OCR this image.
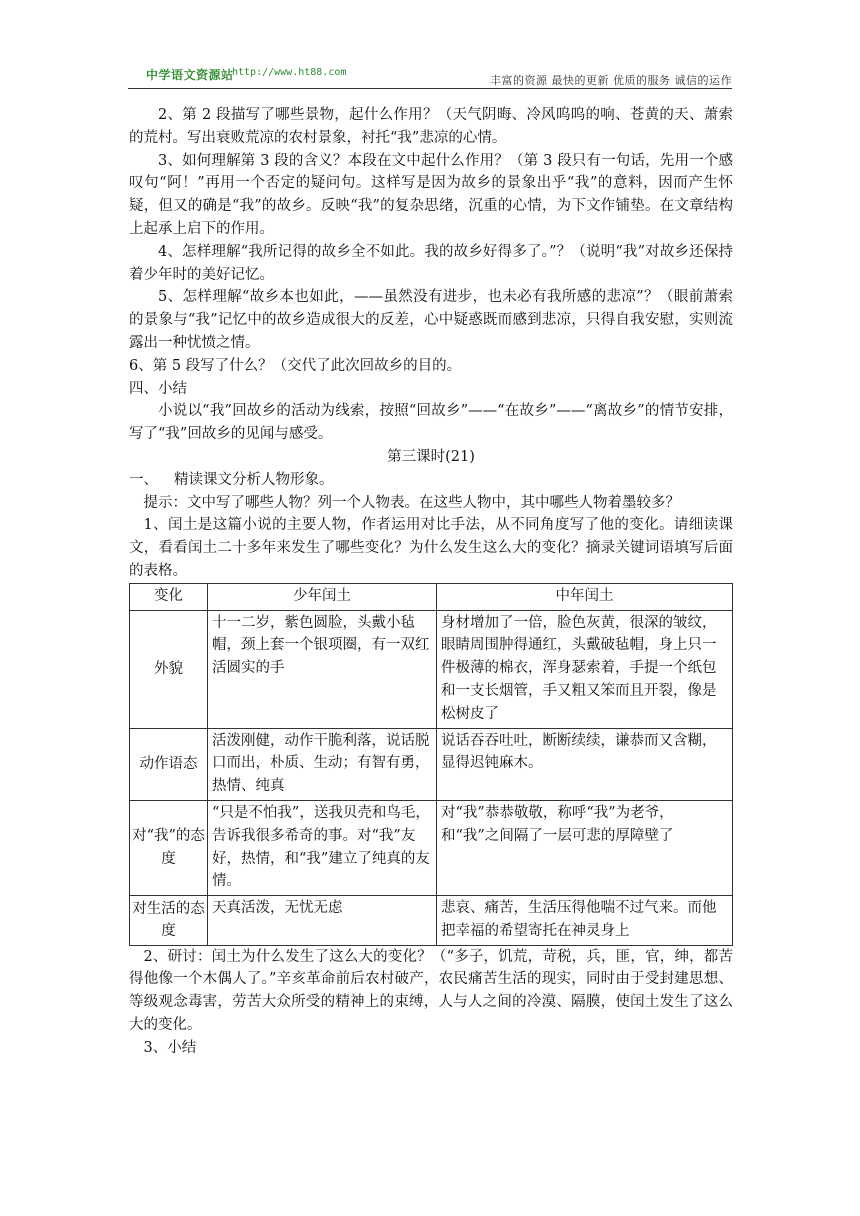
中学语文资源站
http://www.ht88.com
丰富的资源 最快的更新 优质的服务 诚信的运作

2、第 2 段描写了哪些景物，起什么作用？（天气阴晦、冷风呜呜的响、苍黄的天、萧索的荒村。写出衰败荒凉的农村景象，衬托“我”悲凉的心情。

3、如何理解第 3 段的含义？本段在文中起什么作用？（第 3 段只有一句话，先用一个感叹句“阿！”再用一个否定的疑问句。这样写是因为故乡的景象出乎“我”的意料，因而产生怀疑，但又的确是“我”的故乡。反映“我”的复杂思绪，沉重的心情，为下文作铺垫。在文章结构上起承上启下的作用。

4、怎样理解“我所记得的故乡全不如此。我的故乡好得多了。”？（说明“我”对故乡还保持着少年时的美好记忆。

5、怎样理解“故乡本也如此，——虽然没有进步，也未必有我所感的悲凉”？（眼前萧索的景象与“我”记忆中的故乡造成很大的反差，心中疑惑既而感到悲凉，只得自我安慰，实则流露出一种忧愤之情。

6、第 5 段写了什么？（交代了此次回故乡的目的。

四、小结

小说以“我”回故乡的活动为线索，按照“回故乡”——“在故乡”——“离故乡”的情节安排，写了“我”回故乡的见闻与感受。

第三课时(21)

一、 精读课文分析人物形象。

提示：文中写了哪些人物？列一个人物表。在这些人物中，其中哪些人物着墨较多？

1、闰土是这篇小说的主要人物，作者运用对比手法，从不同角度写了他的变化。请细读课文，看看闰土二十多年来发生了哪些变化？为什么发生这么大的变化？摘录关键词语填写后面的表格。

变化	少年闰土	中年闰土
外貌	十一二岁，紫色圆脸，头戴小毡帽，颈上套一个银项圈，有一双红活圆实的手	身材增加了一倍，脸色灰黄，很深的皱纹，眼睛周围肿得通红，头戴破毡帽，身上只一件极薄的棉衣，浑身瑟索着，手提一个纸包和一支长烟管，手又粗又笨而且开裂，像是松树皮了
动作语态	活泼刚健，动作干脆利落，说话脱口而出，朴质、生动；有智有勇，热情、纯真	说话吞吞吐吐，断断续续，谦恭而又含糊，显得迟钝麻木。
对“我”的态度	“只是不怕我”，送我贝壳和鸟毛，告诉我很多希奇的事。对“我”友好，热情，和“我”建立了纯真的友情。	对“我”恭恭敬敬，称呼“我”为老爷，和“我”之间隔了一层可悲的厚障壁了
对生活的态度	天真活泼，无忧无虑	悲哀、痛苦，生活压得他喘不过气来。而他把幸福的希望寄托在神灵身上

2、研讨：闰土为什么发生了这么大的变化？（“多子，饥荒，苛税，兵，匪，官，绅，都苦得他像一个木偶人了。”辛亥革命前后农村破产，农民痛苦生活的现实，同时由于受封建思想、等级观念毒害，劳苦大众所受的精神上的束缚，人与人之间的冷漠、隔膜，使闰土发生了这么大的变化。

3、小结
